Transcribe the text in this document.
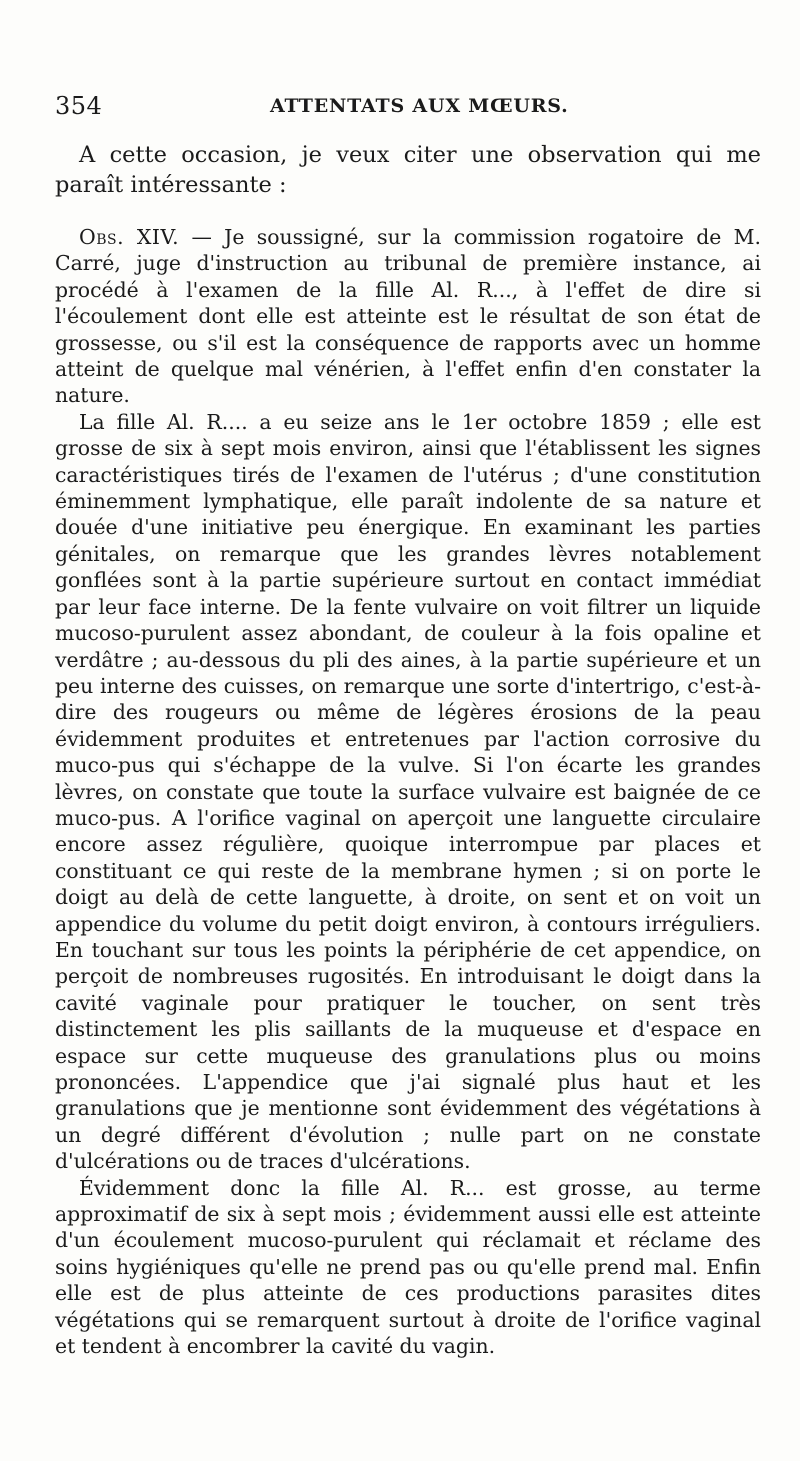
354	ATTENTATS AUX MŒURS.

A cette occasion, je veux citer une observation qui me paraît intéressante :

Obs. XIV. — Je soussigné, sur la commission rogatoire de M. Carré, juge d'instruction au tribunal de première instance, ai procédé à l'examen de la fille Al. R..., à l'effet de dire si l'écoulement dont elle est atteinte est le résultat de son état de grossesse, ou s'il est la conséquence de rapports avec un homme atteint de quelque mal vénérien, à l'effet enfin d'en constater la nature.

La fille Al. R.... a eu seize ans le 1er octobre 1859 ; elle est grosse de six à sept mois environ, ainsi que l'établissent les signes caractéristiques tirés de l'examen de l'utérus ; d'une constitution éminemment lymphatique, elle paraît indolente de sa nature et douée d'une initiative peu énergique. En examinant les parties génitales, on remarque que les grandes lèvres notablement gonflées sont à la partie supérieure surtout en contact immédiat par leur face interne. De la fente vulvaire on voit filtrer un liquide mucoso-purulent assez abondant, de couleur à la fois opaline et verdâtre ; au-dessous du pli des aines, à la partie supérieure et un peu interne des cuisses, on remarque une sorte d'intertrigo, c'est-à-dire des rougeurs ou même de légères érosions de la peau évidemment produites et entretenues par l'action corrosive du muco-pus qui s'échappe de la vulve. Si l'on écarte les grandes lèvres, on constate que toute la surface vulvaire est baignée de ce muco-pus. A l'orifice vaginal on aperçoit une languette circulaire encore assez régulière, quoique interrompue par places et constituant ce qui reste de la membrane hymen ; si on porte le doigt au delà de cette languette, à droite, on sent et on voit un appendice du volume du petit doigt environ, à contours irréguliers. En touchant sur tous les points la périphérie de cet appendice, on perçoit de nombreuses rugosités. En introduisant le doigt dans la cavité vaginale pour pratiquer le toucher, on sent très distinctement les plis saillants de la muqueuse et d'espace en espace sur cette muqueuse des granulations plus ou moins prononcées. L'appendice que j'ai signalé plus haut et les granulations que je mentionne sont évidemment des végétations à un degré différent d'évolution ; nulle part on ne constate d'ulcérations ou de traces d'ulcérations.

Évidemment donc la fille Al. R... est grosse, au terme approximatif de six à sept mois ; évidemment aussi elle est atteinte d'un écoulement mucoso-purulent qui réclamait et réclame des soins hygiéniques qu'elle ne prend pas ou qu'elle prend mal. Enfin elle est de plus atteinte de ces productions parasites dites végétations qui se remarquent surtout à droite de l'orifice vaginal et tendent à encombrer la cavité du vagin.
